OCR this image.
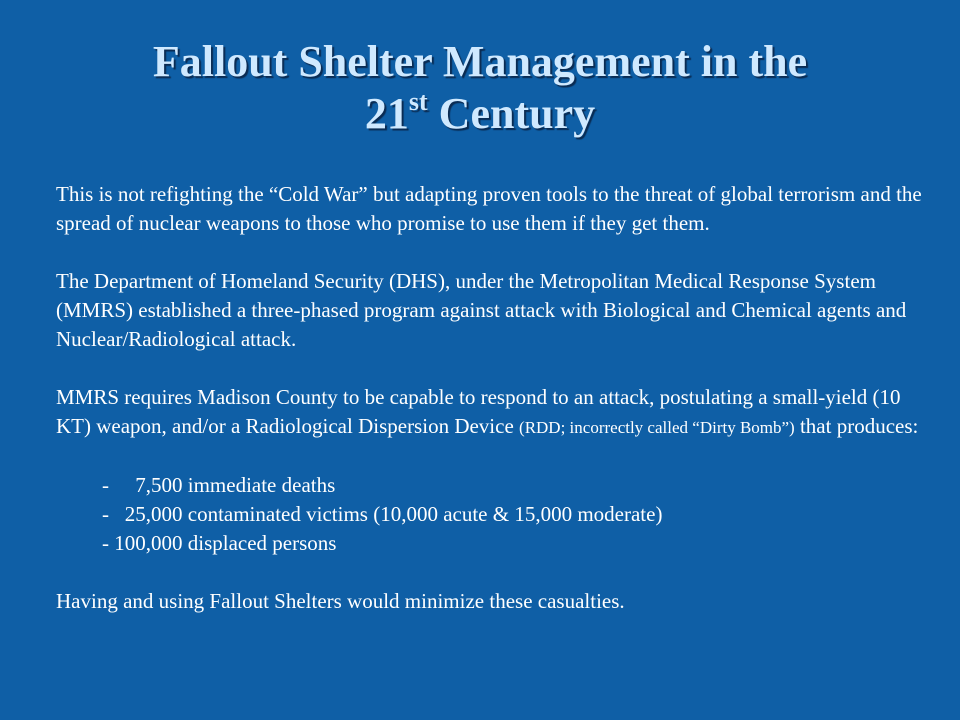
Fallout Shelter Management in the
21st Century

This is not refighting the “Cold War” but adapting proven tools to the threat of global terrorism and the spread of nuclear weapons to those who promise to use them if they get them.

The Department of Homeland Security (DHS), under the Metropolitan Medical Response System (MMRS) established a three-phased program against attack with Biological and Chemical agents and Nuclear/Radiological attack.

MMRS requires Madison County to be capable to respond to an attack, postulating a small-yield (10 KT) weapon, and/or a Radiological Dispersion Device (RDD; incorrectly called “Dirty Bomb”) that produces:

-     7,500 immediate deaths
-   25,000 contaminated victims (10,000 acute & 15,000 moderate)
- 100,000 displaced persons

Having and using Fallout Shelters would minimize these casualties.
